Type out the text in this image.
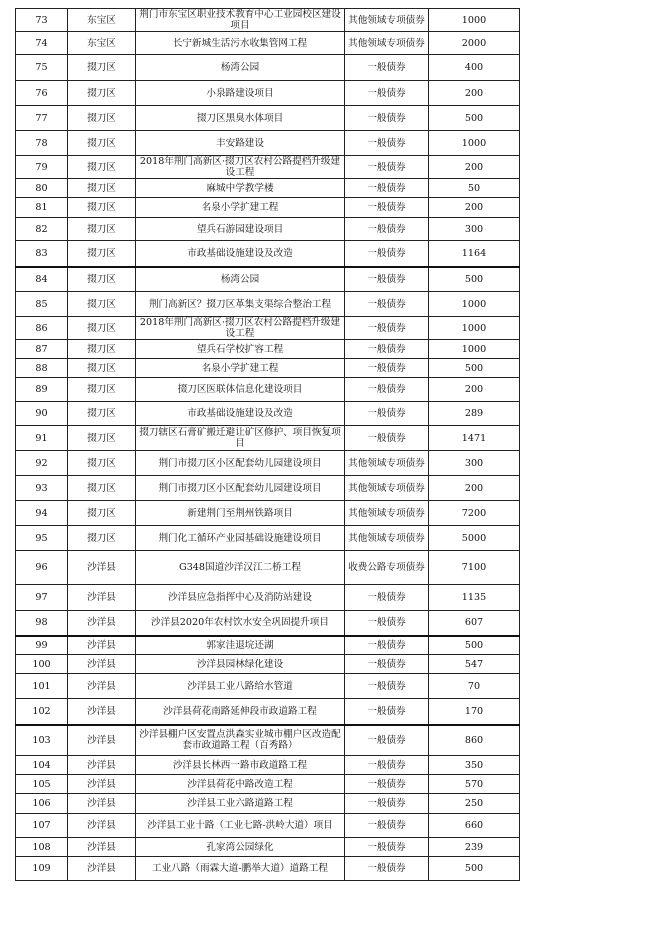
73	东宝区	荆门市东宝区职业技术教育中心工业园校区建设项目	其他领域专项债券	1000
74	东宝区	长宁新城生活污水收集管网工程	其他领域专项债券	2000
75	掇刀区	杨湾公园	一般债券	400
76	掇刀区	小泉路建设项目	一般债券	200
77	掇刀区	掇刀区黑臭水体项目	一般债券	500
78	掇刀区	丰安路建设	一般债券	1000
79	掇刀区	2018年荆门高新区·掇刀区农村公路提档升级建设工程	一般债券	200
80	掇刀区	麻城中学教学楼	一般债券	50
81	掇刀区	名泉小学扩建工程	一般债券	200
82	掇刀区	望兵石游园建设项目	一般债券	300
83	掇刀区	市政基础设施建设及改造	一般债券	1164
84	掇刀区	杨湾公园	一般债券	500
85	掇刀区	荆门高新区？掇刀区革集支渠综合整治工程	一般债券	1000
86	掇刀区	2018年荆门高新区·掇刀区农村公路提档升级建设工程	一般债券	1000
87	掇刀区	望兵石学校扩容工程	一般债券	1000
88	掇刀区	名泉小学扩建工程	一般债券	500
89	掇刀区	掇刀区医联体信息化建设项目	一般债券	200
90	掇刀区	市政基础设施建设及改造	一般债券	289
91	掇刀区	掇刀辖区石膏矿搬迁避让矿区修护、项目恢复项目	一般债券	1471
92	掇刀区	荆门市掇刀区小区配套幼儿园建设项目	其他领域专项债券	300
93	掇刀区	荆门市掇刀区小区配套幼儿园建设项目	其他领域专项债券	200
94	掇刀区	新建荆门至荆州铁路项目	其他领域专项债券	7200
95	掇刀区	荆门化工循环产业园基础设施建设项目	其他领域专项债券	5000
96	沙洋县	G348国道沙洋汉江二桥工程	收费公路专项债券	7100
97	沙洋县	沙洋县应急指挥中心及消防站建设	一般债券	1135
98	沙洋县	沙洋县2020年农村饮水安全巩固提升项目	一般债券	607
99	沙洋县	郭家洼退垸还湖	一般债券	500
100	沙洋县	沙洋县园林绿化建设	一般债券	547
101	沙洋县	沙洋县工业八路给水管道	一般债券	70
102	沙洋县	沙洋县荷花南路延伸段市政道路工程	一般债券	170
103	沙洋县	沙洋县棚户区安置点洪森实业城市棚户区改造配套市政道路工程（百秀路）	一般债券	860
104	沙洋县	沙洋县长林西一路市政道路工程	一般债券	350
105	沙洋县	沙洋县荷花中路改造工程	一般债券	570
106	沙洋县	沙洋县工业六路道路工程	一般债券	250
107	沙洋县	沙洋县工业十路（工业七路-洪岭大道）项目	一般债券	660
108	沙洋县	孔家湾公园绿化	一般债券	239
109	沙洋县	工业八路（雨霖大道-鹏举大道）道路工程	一般债券	500
